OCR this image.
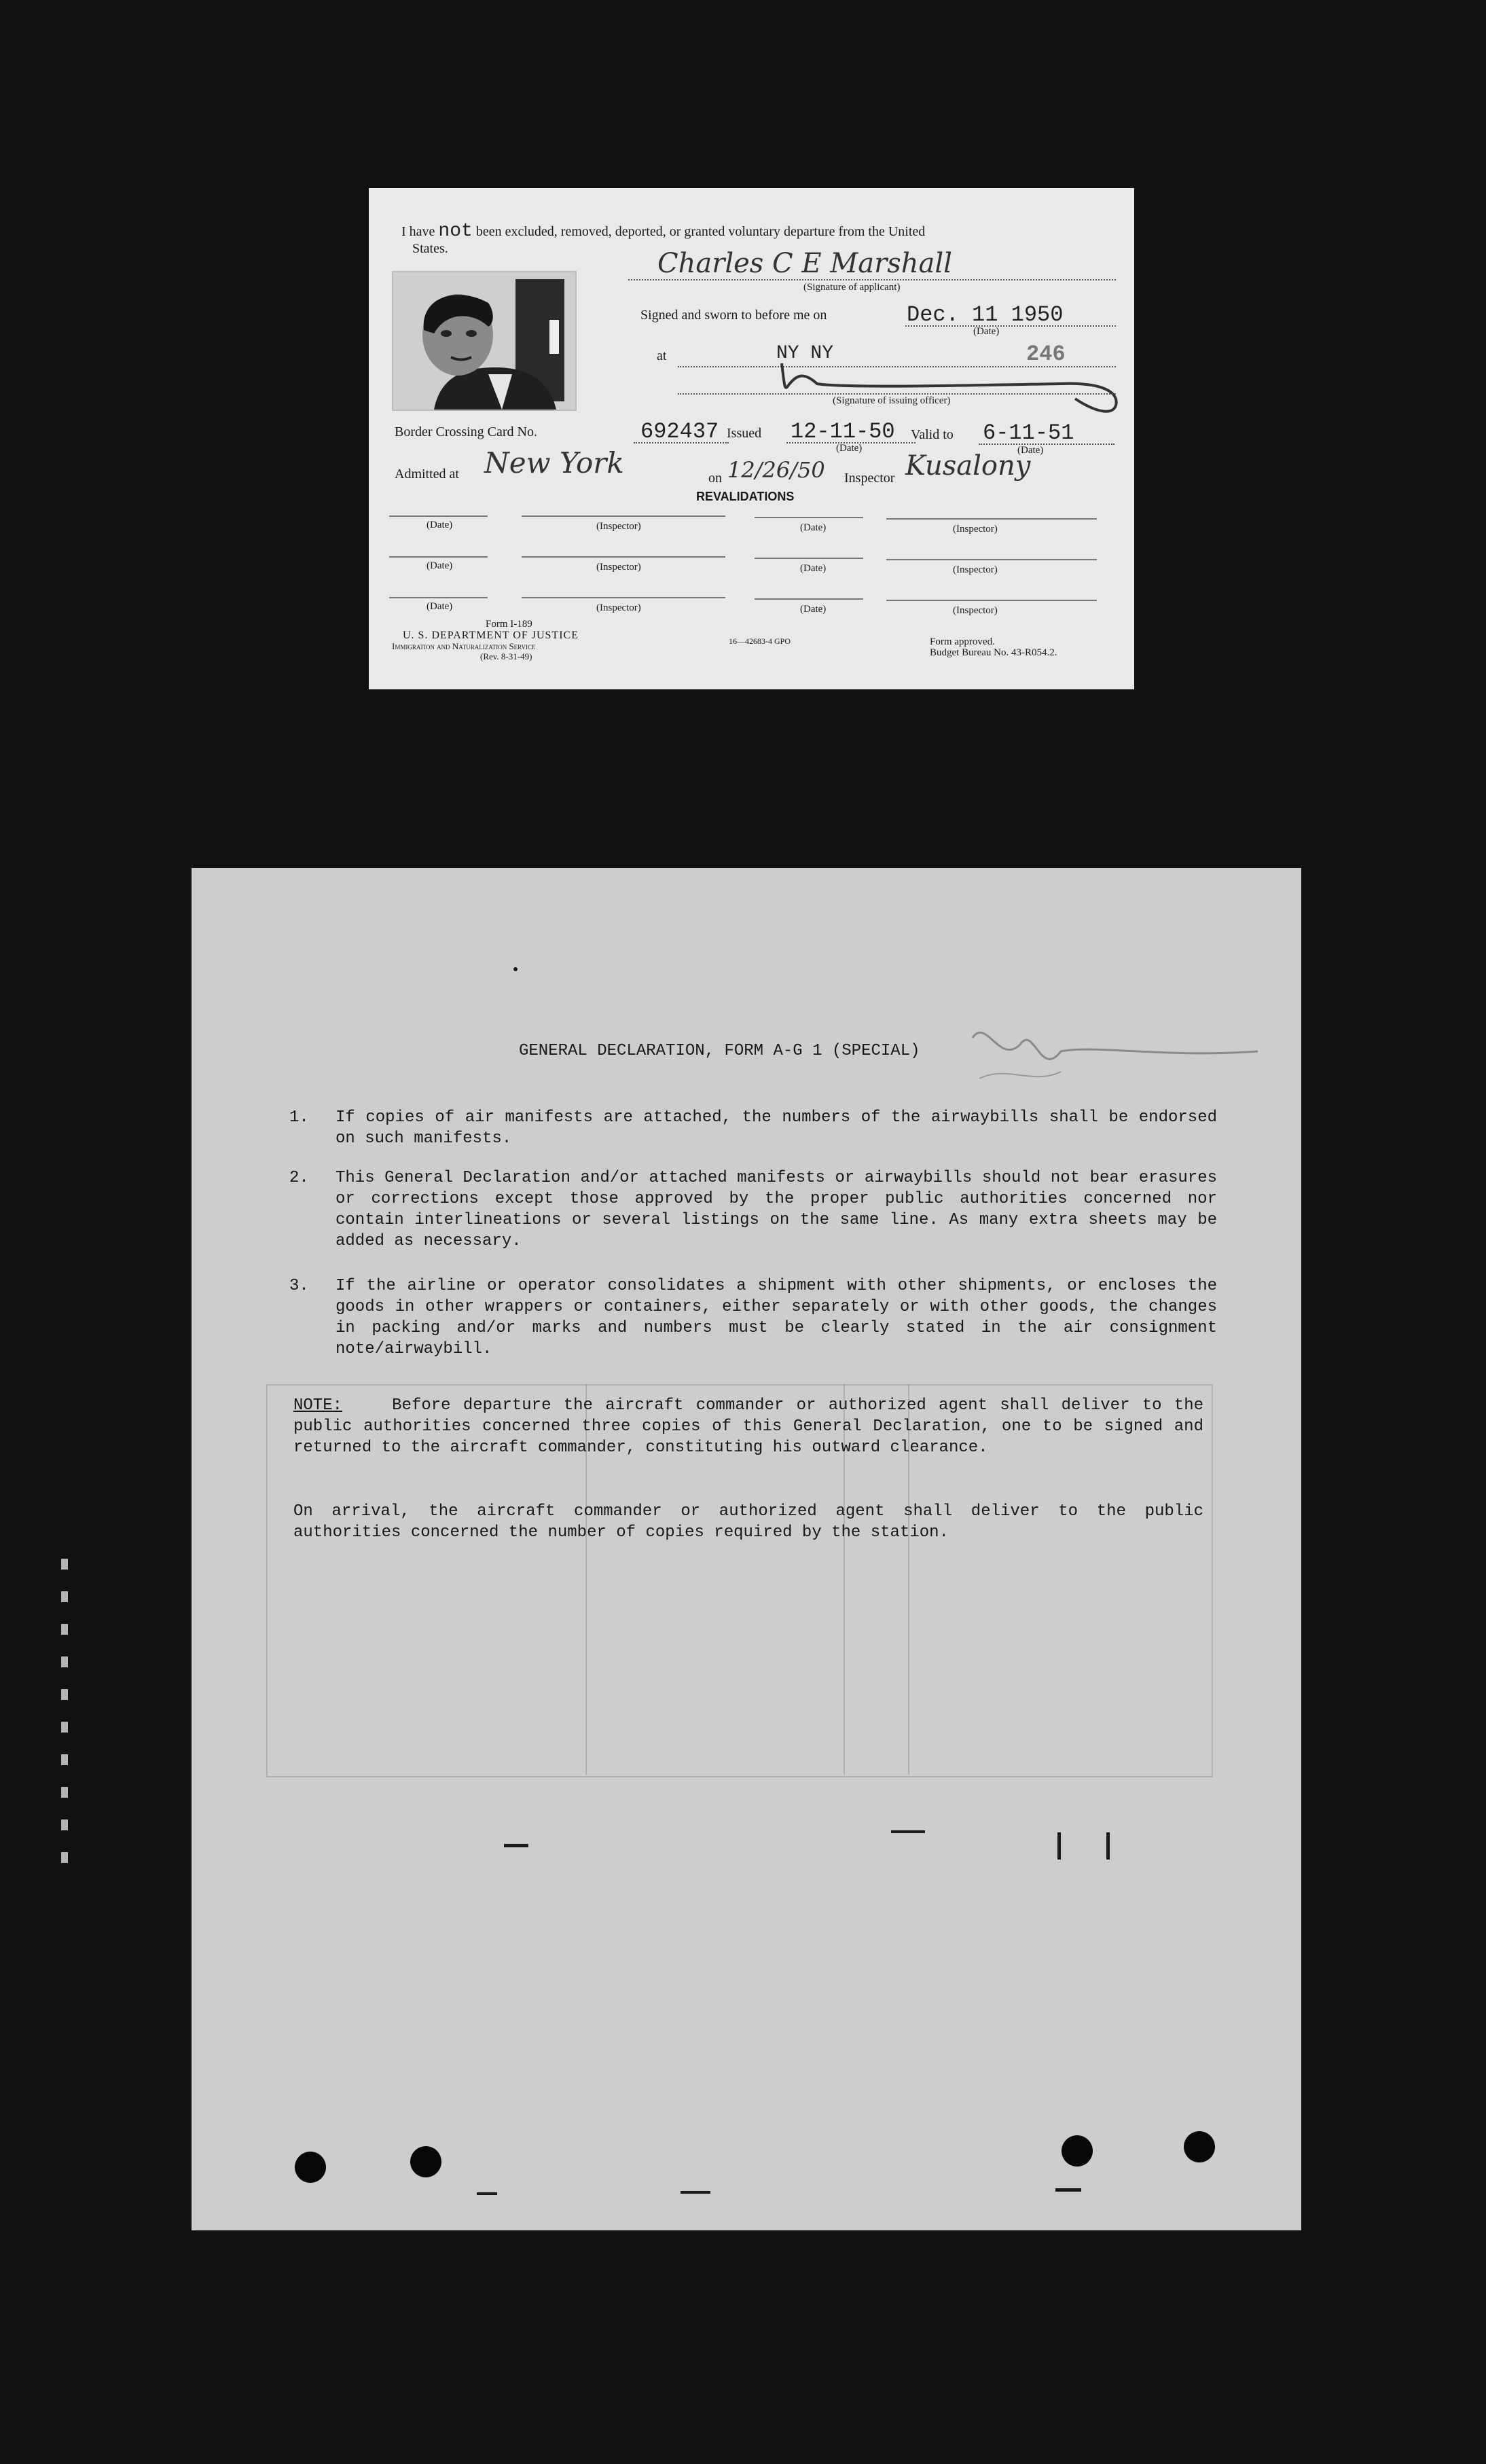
I have not been excluded, removed, deported, or granted voluntary departure from the United
States.	Charles C E Marshall
(Signature of applicant)
Signed and sworn to before me on	Dec. 11 1950
(Date)
at	NY NY	246
(Signature of issuing officer)
Border Crossing Card No.	692437 Issued 12-11-50
(Date)
Valid to 6-11-51
(Date)
Admitted at New York	on 12/26/50 Inspector Kusalony
REVALIDATIONS
(Date)	(Inspector)	(Date)	(Inspector)
(Date)	(Inspector)	(Date)	(Inspector)
(Date)	(Inspector)	(Date)	(Inspector)
Form I-189
U. S. DEPARTMENT OF JUSTICE
Immigration and Naturalization Service
(Rev. 8-31-49)
16—42683-4 GPO	Form approved.
Budget Bureau No. 43-R054.2.
GENERAL DECLARATION, FORM A-G 1 (SPECIAL)
1. If copies of air manifests are attached, the numbers of the airwaybills shall be endorsed on such manifests.
2. This General Declaration and/or attached manifests or airwaybills should not bear erasures or corrections except those approved by the proper public authorities concerned nor contain interlineations or several listings on the same line. As many extra sheets may be added as necessary.
3. If the airline or operator consolidates a shipment with other shipments, or encloses the goods in other wrappers or containers, either separately or with other goods, the changes in packing and/or marks and numbers must be clearly stated in the air consignment note/airwaybill.
NOTE:	Before departure the aircraft commander or authorized agent shall deliver to the public authorities concerned three copies of this General Declaration, one to be signed and returned to the aircraft commander, constituting his outward clearance.
On arrival, the aircraft commander or authorized agent shall deliver to the public authorities concerned the number of copies required by the station.
